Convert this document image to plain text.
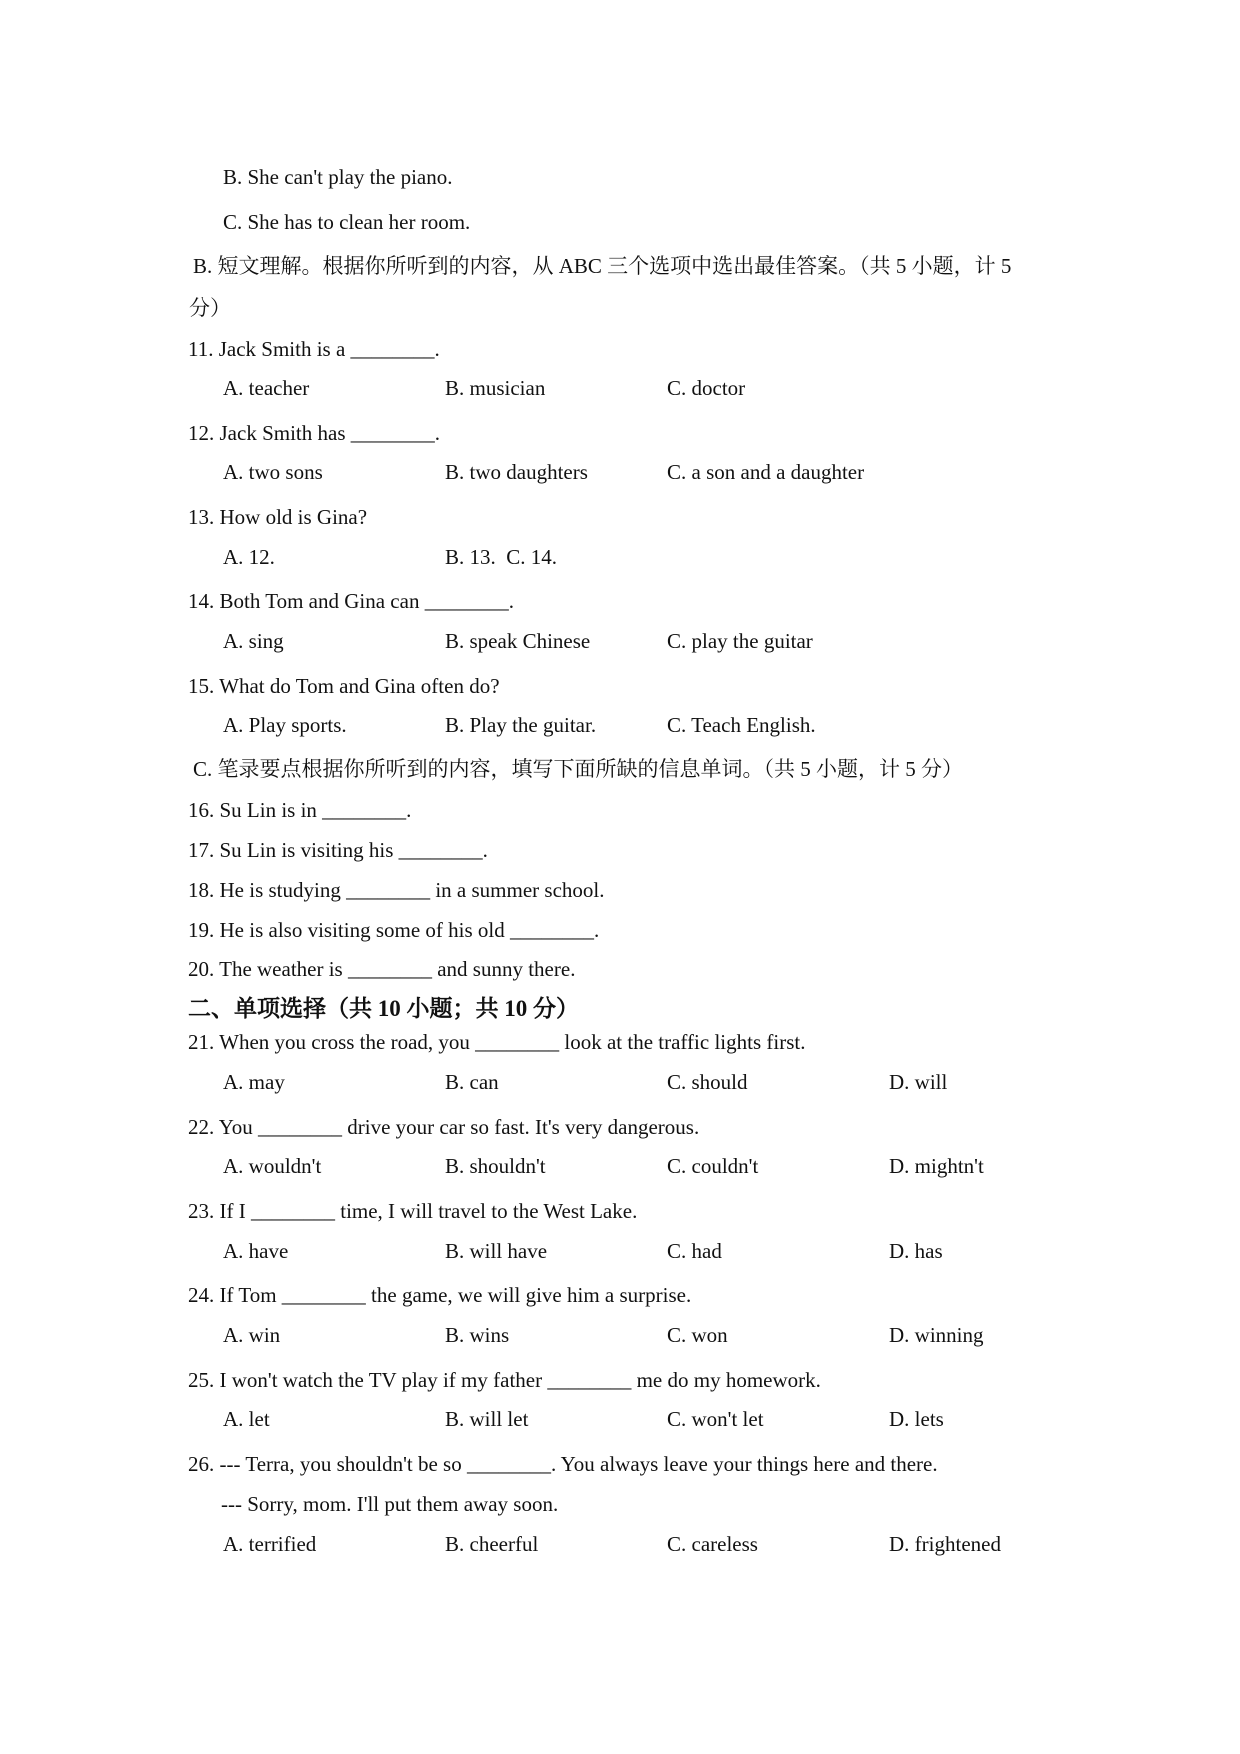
B. She can't play the piano.
C. She has to clean her room.
B. 短文理解。根据你所听到的内容，从 ABC 三个选项中选出最佳答案。（共 5 小题，计 5
分）
11. Jack Smith is a ________.
A. teacher	B. musician	C. doctor
12. Jack Smith has ________.
A. two sons	B. two daughters	C. a son and a daughter
13. How old is Gina?
A. 12.	B. 13.  C. 14.
14. Both Tom and Gina can ________.
A. sing	B. speak Chinese	C. play the guitar
15. What do Tom and Gina often do?
A. Play sports.	B. Play the guitar.	C. Teach English.
C. 笔录要点根据你所听到的内容，填写下面所缺的信息单词。（共 5 小题，计 5 分）
16. Su Lin is in ________.
17. Su Lin is visiting his ________.
18. He is studying ________ in a summer school.
19. He is also visiting some of his old ________.
20. The weather is ________ and sunny there.
二、单项选择（共 10 小题；共 10 分）
21. When you cross the road, you ________ look at the traffic lights first.
A. may	B. can	C. should	D. will
22. You ________ drive your car so fast. It's very dangerous.
A. wouldn't	B. shouldn't	C. couldn't	D. mightn't
23. If I ________ time, I will travel to the West Lake.
A. have	B. will have	C. had	D. has
24. If Tom ________ the game, we will give him a surprise.
A. win	B. wins	C. won	D. winning
25. I won't watch the TV play if my father ________ me do my homework.
A. let	B. will let	C. won't let	D. lets
26. --- Terra, you shouldn't be so ________. You always leave your things here and there.
--- Sorry, mom. I'll put them away soon.
A. terrified	B. cheerful	C. careless	D. frightened
